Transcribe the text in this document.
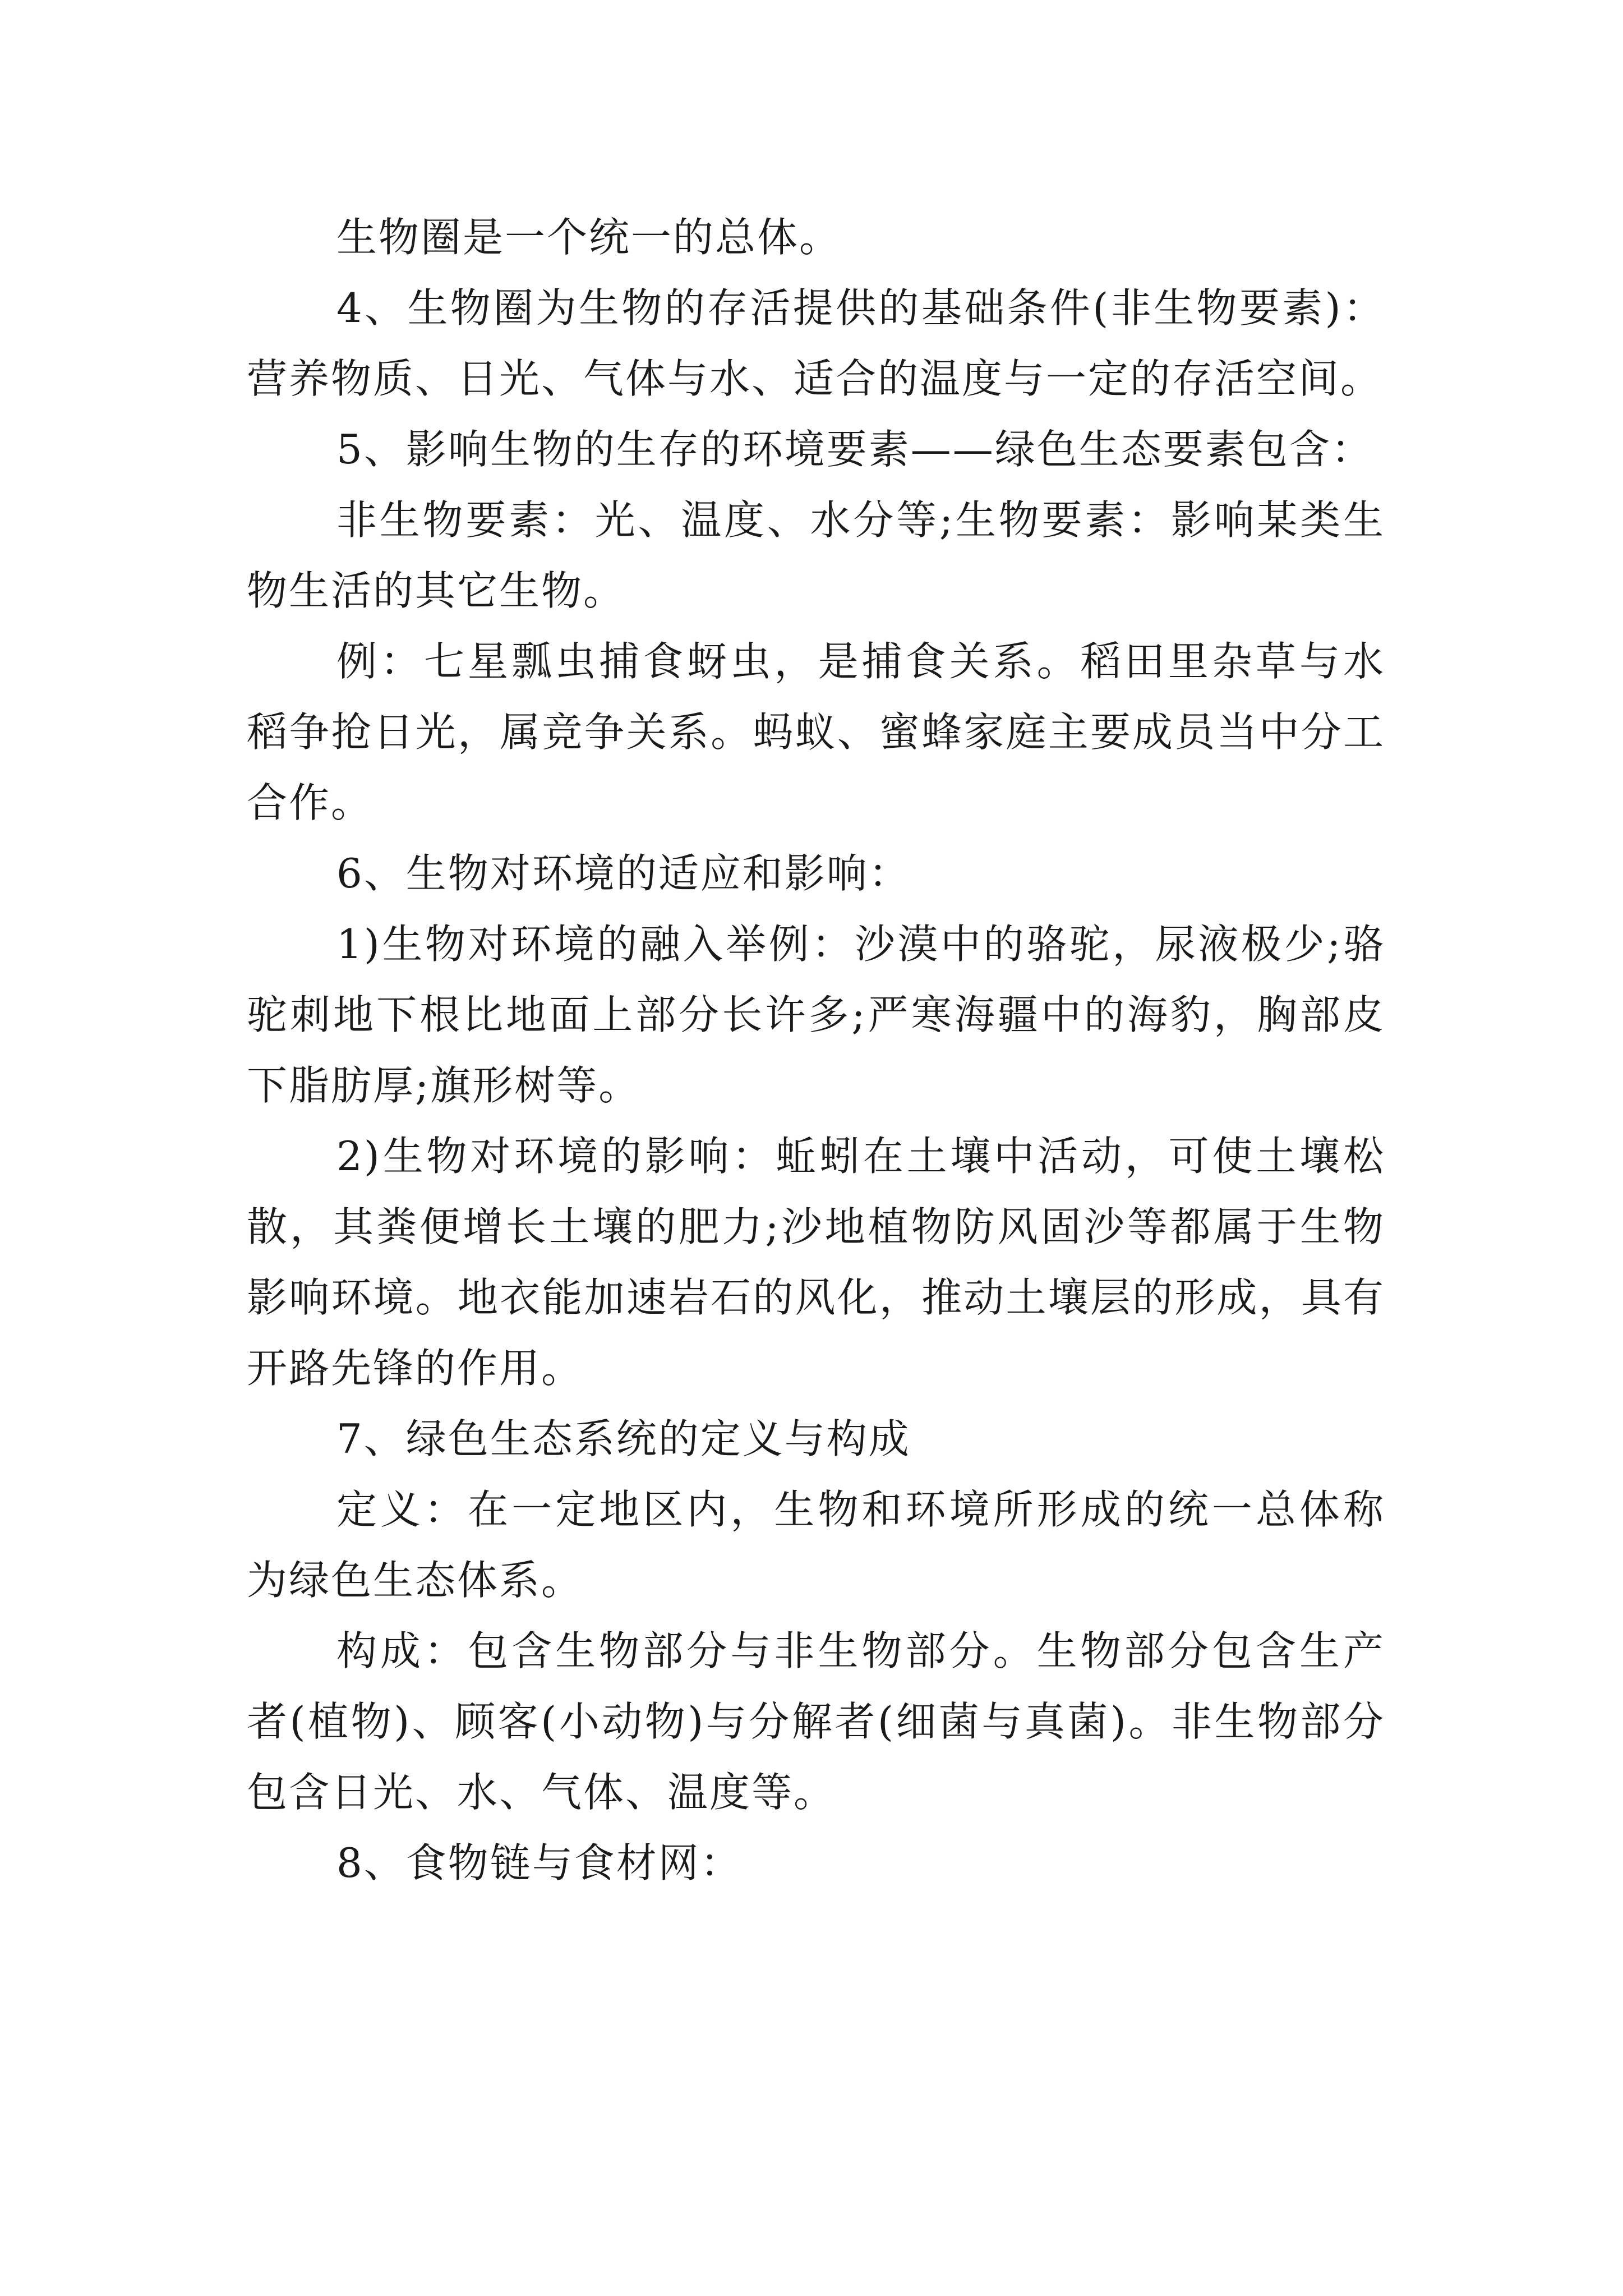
生物圈是一个统一的总体。

4、生物圈为生物的存活提供的基础条件(非生物要素)：营养物质、日光、气体与水、适合的温度与一定的存活空间。

5、影响生物的生存的环境要素——绿色生态要素包含：

非生物要素：光、温度、水分等;生物要素：影响某类生物生活的其它生物。

例：七星瓢虫捕食蚜虫，是捕食关系。稻田里杂草与水稻争抢日光，属竞争关系。蚂蚁、蜜蜂家庭主要成员当中分工合作。

6、生物对环境的适应和影响：

1)生物对环境的融入举例：沙漠中的骆驼，尿液极少;骆驼刺地下根比地面上部分长许多;严寒海疆中的海豹，胸部皮下脂肪厚;旗形树等。

2)生物对环境的影响：蚯蚓在土壤中活动，可使土壤松散，其粪便增长土壤的肥力;沙地植物防风固沙等都属于生物影响环境。地衣能加速岩石的风化，推动土壤层的形成，具有开路先锋的作用。

7、绿色生态系统的定义与构成

定义：在一定地区内，生物和环境所形成的统一总体称为绿色生态体系。

构成：包含生物部分与非生物部分。生物部分包含生产者(植物)、顾客(小动物)与分解者(细菌与真菌)。非生物部分包含日光、水、气体、温度等。

8、食物链与食材网：
